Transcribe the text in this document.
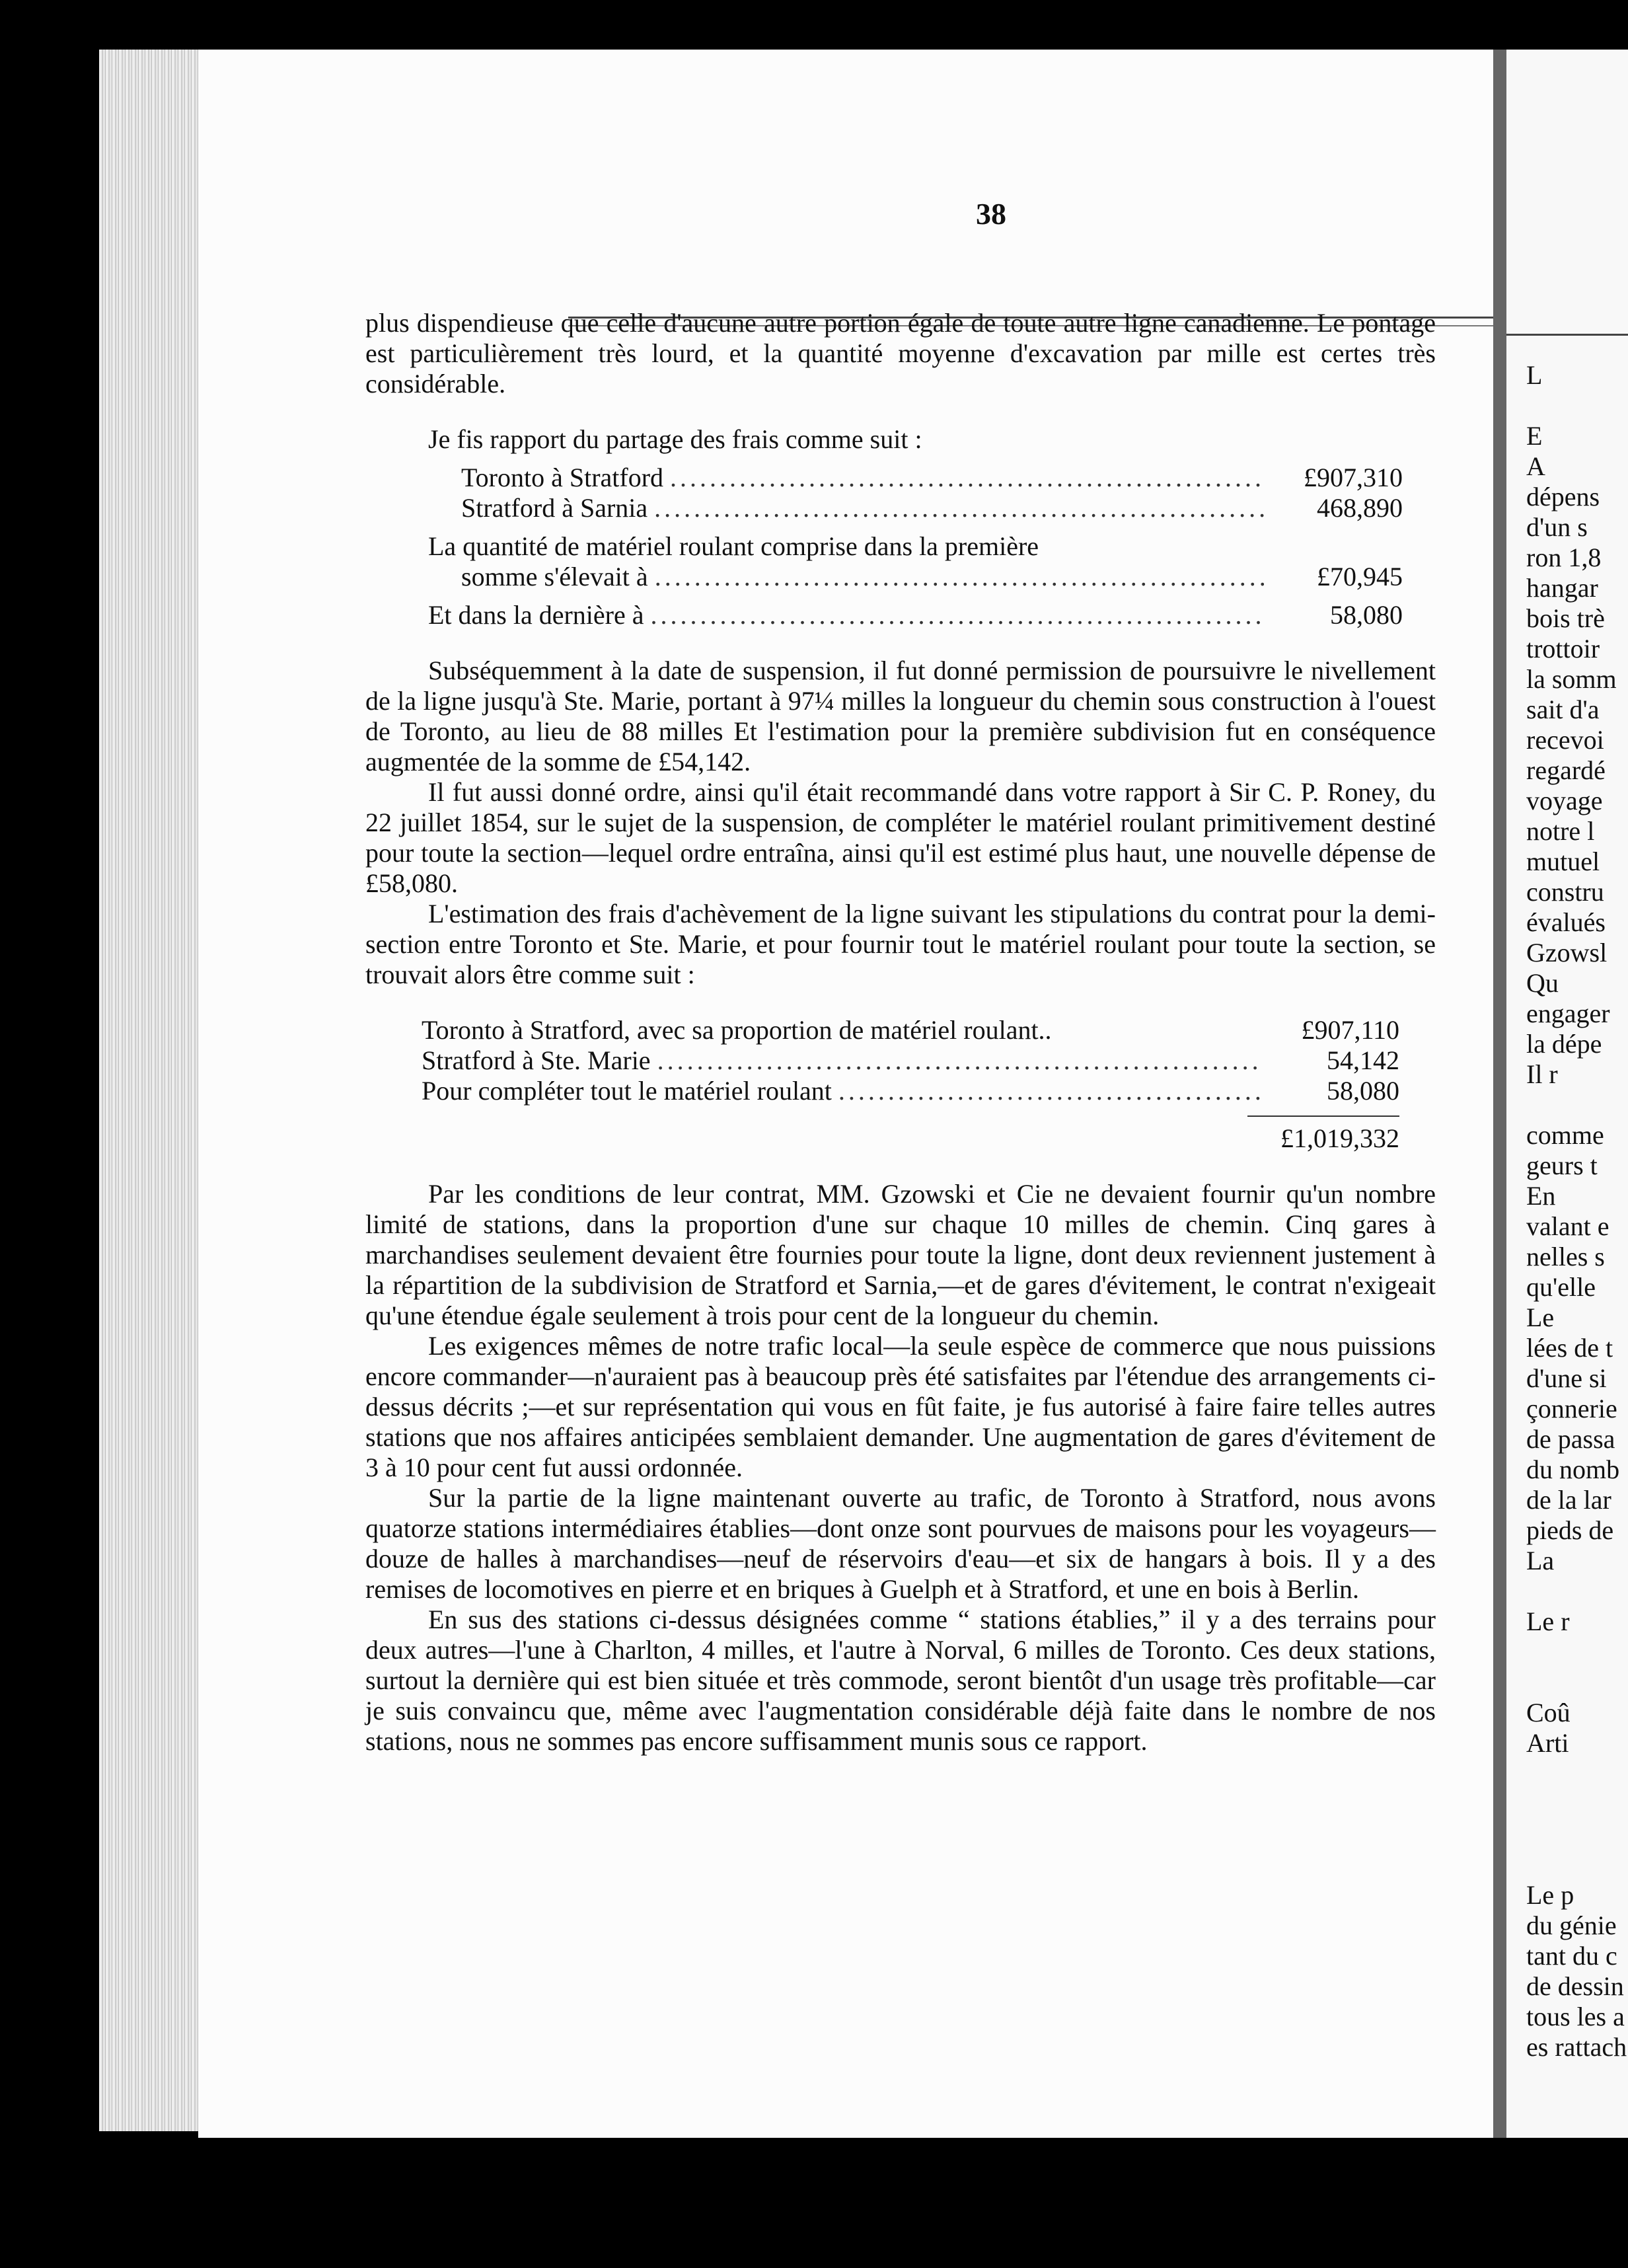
38

plus dispendieuse que celle d'aucune autre portion égale de toute autre ligne canadienne. Le pontage est particulièrement très lourd, et la quantité moyenne d'excavation par mille est certes très considérable.

Je fis rapport du partage des frais comme suit :

Toronto à Stratford .....	£907,310
Stratford à Sarnia .....	468,890

La quantité de matériel roulant comprise dans la première

somme s'élevait à .....	£70,945
Et dans la dernière à .....	58,080

Subséquemment à la date de suspension, il fut donné permission de poursuivre le nivellement de la ligne jusqu'à Ste. Marie, portant à 97¼ milles la longueur du chemin sous construction à l'ouest de Toronto, au lieu de 88 milles Et l'estimation pour la première subdivision fut en conséquence augmentée de la somme de £54,142.

Il fut aussi donné ordre, ainsi qu'il était recommandé dans votre rapport à Sir C. P. Roney, du 22 juillet 1854, sur le sujet de la suspension, de compléter le matériel roulant primitivement destiné pour toute la section—lequel ordre entraîna, ainsi qu'il est estimé plus haut, une nouvelle dépense de £58,080.

L'estimation des frais d'achèvement de la ligne suivant les stipulations du contrat pour la demi-section entre Toronto et Ste. Marie, et pour fournir tout le matériel roulant pour toute la section, se trouvait alors être comme suit :

Toronto à Stratford, avec sa proportion de matériel roulant..	£907,110
Stratford à Ste. Marie .....	54,142
Pour compléter tout le matériel roulant .....	58,080
£1,019,332

Par les conditions de leur contrat, MM. Gzowski et Cie ne devaient fournir qu'un nombre limité de stations, dans la proportion d'une sur chaque 10 milles de chemin. Cinq gares à marchandises seulement devaient être fournies pour toute la ligne, dont deux reviennent justement à la répartition de la subdivision de Stratford et Sarnia,—et de gares d'évitement, le contrat n'exigeait qu'une étendue égale seulement à trois pour cent de la longueur du chemin.

Les exigences mêmes de notre trafic local—la seule espèce de commerce que nous puissions encore commander—n'auraient pas à beaucoup près été satisfaites par l'étendue des arrangements ci-dessus décrits ;—et sur représentation qui vous en fût faite, je fus autorisé à faire faire telles autres stations que nos affaires anticipées semblaient demander. Une augmentation de gares d'évitement de 3 à 10 pour cent fut aussi ordonnée.

Sur la partie de la ligne maintenant ouverte au trafic, de Toronto à Stratford, nous avons quatorze stations intermédiaires établies—dont onze sont pourvues de maisons pour les voyageurs—douze de halles à marchandises—neuf de réservoirs d'eau—et six de hangars à bois. Il y a des remises de locomotives en pierre et en briques à Guelph et à Stratford, et une en bois à Berlin.

En sus des stations ci-dessus désignées comme “ stations établies,” il y a des terrains pour deux autres—l'une à Charlton, 4 milles, et l'autre à Norval, 6 milles de Toronto. Ces deux stations, surtout la dernière qui est bien située et très commode, seront bientôt d'un usage très profitable—car je suis convaincu que, même avec l'augmentation considérable déjà faite dans le nombre de nos stations, nous ne sommes pas encore suffisamment munis sous ce rapport.

L
E
A
dépens
d'un s
ron 1,8
hangar
bois trè
trottoir
la somm
sait d'a
recevoi
regardé
voyage
notre l
mutuel
constru
évalués
Gzowsl
Qu
engager
la dépe
Il r
comme
geurs t
En
valant e
nelles s
qu'elle
Le
lées de t
d'une si
çonnerie
de passa
du nomb
de la lar
pieds de
La
Le r
Coû
Arti
Le p
du génie
tant du c
de dessin
tous les a
es rattach
